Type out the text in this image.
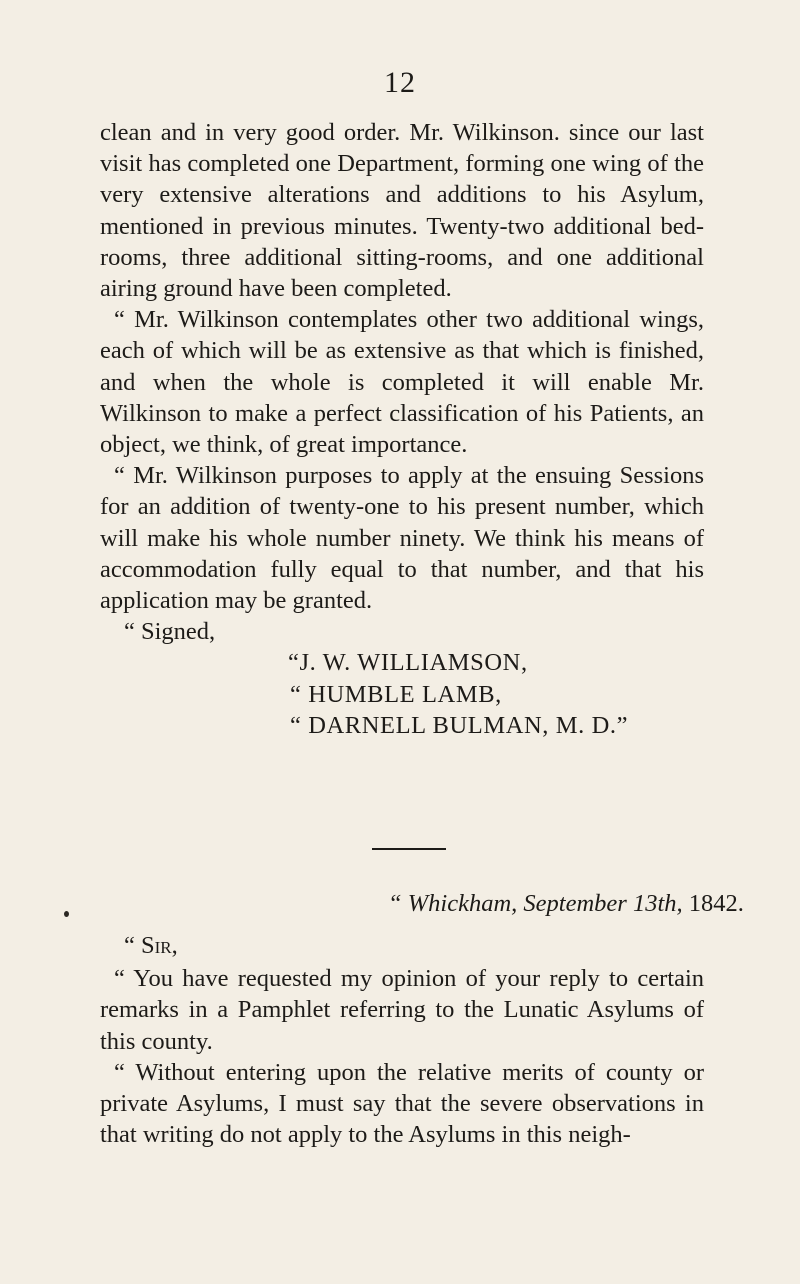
12

clean and in very good order. Mr. Wilkinson. since our last visit has completed one Department, forming one wing of the very extensive alterations and additions to his Asylum, mentioned in previous minutes. Twenty-two additional bed-rooms, three additional sitting-rooms, and one additional airing ground have been completed.

“ Mr. Wilkinson contemplates other two additional wings, each of which will be as extensive as that which is finished, and when the whole is completed it will enable Mr. Wilkinson to make a perfect classification of his Patients, an object, we think, of great importance.

“ Mr. Wilkinson purposes to apply at the ensuing Sessions for an addition of twenty-one to his present number, which will make his whole number ninety. We think his means of accommodation fully equal to that number, and that his application may be granted.

“ Signed,

“J. W. WILLIAMSON,

“ HUMBLE LAMB,

“ DARNELL BULMAN, M. D.”

“ Whickham, September 13th, 1842.

“ Sir,

“ You have requested my opinion of your reply to certain remarks in a Pamphlet referring to the Lunatic Asylums of this county.

“ Without entering upon the relative merits of county or private Asylums, I must say that the severe observations in that writing do not apply to the Asylums in this neigh-
